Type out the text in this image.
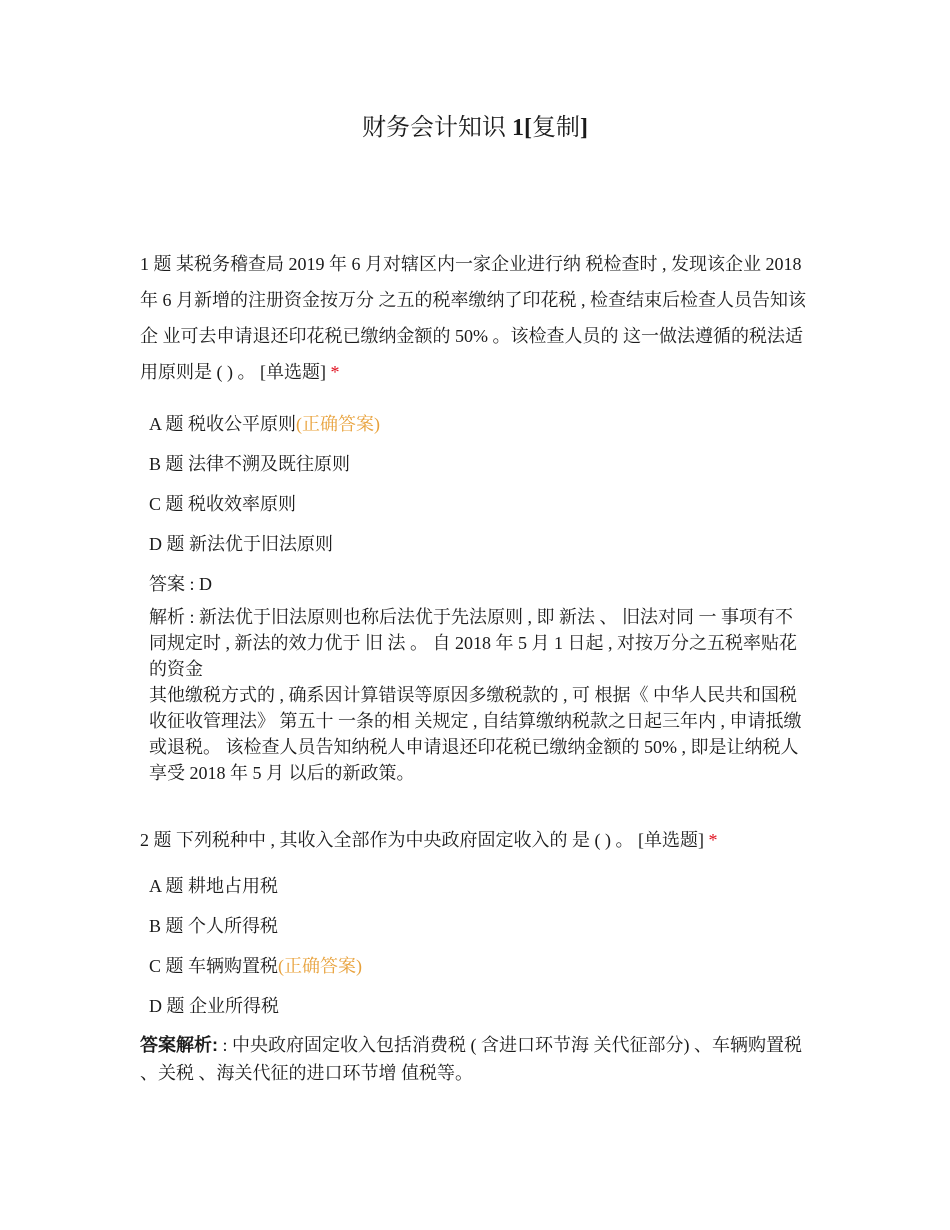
财务会计知识 1[复制]
1 题 某税务稽查局 2019 年 6 月对辖区内一家企业进行纳 税检查时 , 发现该企业 2018 年 6 月新增的注册资金按万分 之五的税率缴纳了印花税 , 检查结束后检查人员告知该企 业可去申请退还印花税已缴纳金额的 50% 。该检查人员的 这一做法遵循的税法适用原则是 ( ) 。 [单选题] *
A 题 税收公平原则(正确答案)
B 题 法律不溯及既往原则
C 题 税收效率原则
D 题 新法优于旧法原则
答案 : D

解析 : 新法优于旧法原则也称后法优于先法原则 , 即 新法 、 旧法对同 一 事项有不同规定时 , 新法的效力优于 旧 法 。 自 2018 年 5 月 1 日起 , 对按万分之五税率贴花的资金

其他缴税方式的 , 确系因计算错误等原因多缴税款的 , 可 根据《 中华人民共和国税收征收管理法》 第五十 一条的相 关规定 , 自结算缴纳税款之日起三年内 , 申请抵缴或退税。 该检查人员告知纳税人申请退还印花税已缴纳金额的 50% , 即是让纳税人享受 2018 年 5 月 以后的新政策。

2 题 下列税种中 , 其收入全部作为中央政府固定收入的 是 ( ) 。 [单选题] *
A 题 耕地占用税
B 题 个人所得税
C 题 车辆购置税(正确答案)
D 题 企业所得税
答案解析: : 中央政府固定收入包括消费税 ( 含进口环节海 关代征部分) 、车辆购置税 、关税 、海关代征的进口环节增 值税等。
